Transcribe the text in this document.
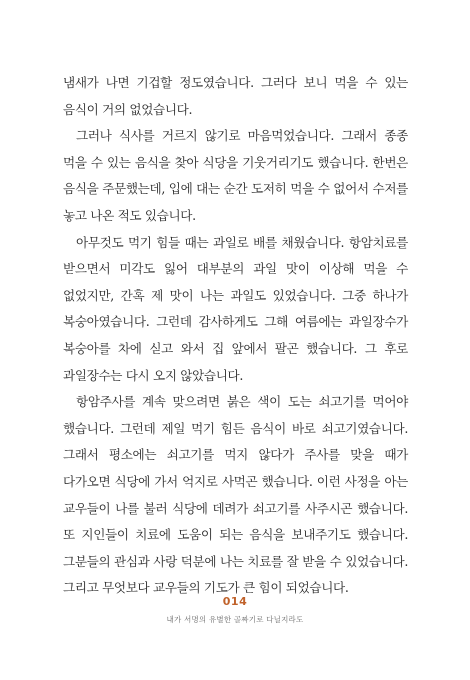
냄새가 나면 기겁할 정도였습니다. 그러다 보니 먹을 수 있는 음식이 거의 없었습니다.

그러나 식사를 거르지 않기로 마음먹었습니다. 그래서 종종 먹을 수 있는 음식을 찾아 식당을 기웃거리기도 했습니다. 한번은 음식을 주문했는데, 입에 대는 순간 도저히 먹을 수 없어서 수저를 놓고 나온 적도 있습니다.

아무것도 먹기 힘들 때는 과일로 배를 채웠습니다. 항암치료를 받으면서 미각도 잃어 대부분의 과일 맛이 이상해 먹을 수 없었지만, 간혹 제 맛이 나는 과일도 있었습니다. 그중 하나가 복숭아였습니다. 그런데 감사하게도 그해 여름에는 과일장수가 복숭아를 차에 싣고 와서 집 앞에서 팔곤 했습니다. 그 후로 과일장수는 다시 오지 않았습니다.

항암주사를 계속 맞으려면 붉은 색이 도는 쇠고기를 먹어야 했습니다. 그런데 제일 먹기 힘든 음식이 바로 쇠고기였습니다. 그래서 평소에는 쇠고기를 먹지 않다가 주사를 맞을 때가 다가오면 식당에 가서 억지로 사먹곤 했습니다. 이런 사정을 아는 교우들이 나를 불러 식당에 데려가 쇠고기를 사주시곤 했습니다. 또 지인들이 치료에 도움이 되는 음식을 보내주기도 했습니다. 그분들의 관심과 사랑 덕분에 나는 치료를 잘 받을 수 있었습니다. 그리고 무엇보다 교우들의 기도가 큰 힘이 되었습니다.

014
내가 서명의 유별한 골짜기로 다닐지라도
